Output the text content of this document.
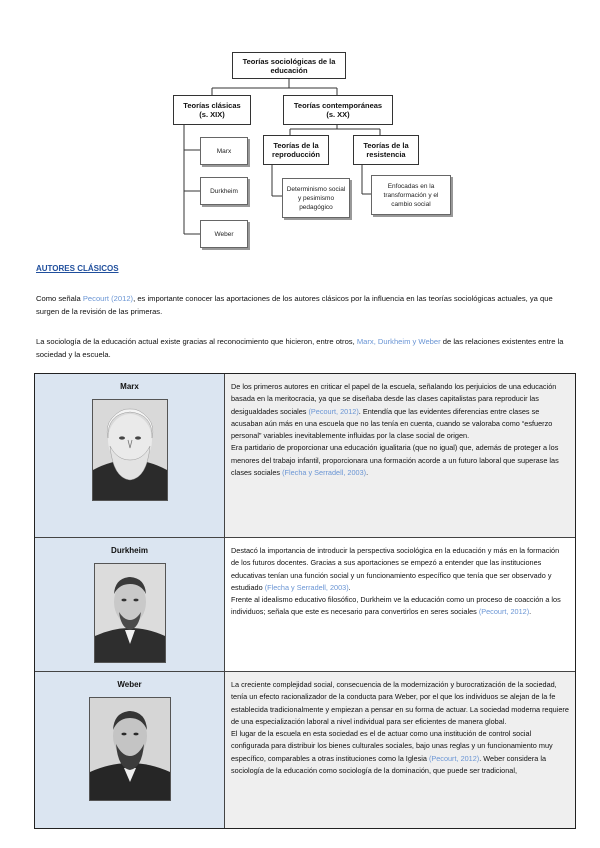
Teorías sociológicas de la
educación
Teorías clásicas
(s. XIX)
Teorías contemporáneas
(s. XX)
Marx
Durkheim
Weber
Teorías de la
reproducción
Teorías de la
resistencia
Determinismo social
y pesimismo
pedagógico
Enfocadas en la
transformación y el
cambio social
AUTORES CLÁSICOS
Como señala Pecourt (2012), es importante conocer las aportaciones de los autores clásicos por la influencia en las teorías sociológicas actuales, ya que surgen de la revisión de las primeras.
La sociología de la educación actual existe gracias al reconocimiento que hicieron, entre otros, Marx, Durkheim y Weber de las relaciones existentes entre la sociedad y la escuela.
Marx	De los primeros autores en criticar el papel de la escuela, señalando los perjuicios de una educación basada en la meritocracia, ya que se diseñaba desde las clases capitalistas para reproducir las desigualdades sociales (Pecourt, 2012). Entendía que las evidentes diferencias entre clases se acusaban aún más en una escuela que no las tenía en cuenta, cuando se valoraba como “esfuerzo personal” variables inevitablemente influidas por la clase social de origen.
Era partidario de proporcionar una educación igualitaria (que no igual) que, además de proteger a los menores del trabajo infantil, proporcionara una formación acorde a un futuro laboral que superase las clases sociales (Flecha y Serradell, 2003).
Durkheim	Destacó la importancia de introducir la perspectiva sociológica en la educación y más en la formación de los futuros docentes. Gracias a sus aportaciones se empezó a entender que las instituciones educativas tenían una función social y un funcionamiento específico que tenía que ser observado y estudiado (Flecha y Serradell, 2003).
Frente al idealismo educativo filosófico, Durkheim ve la educación como un proceso de coacción a los individuos; señala que este es necesario para convertirlos en seres sociales (Pecourt, 2012).
Weber	La creciente complejidad social, consecuencia de la modernización y burocratización de la sociedad, tenía un efecto racionalizador de la conducta para Weber, por el que los individuos se alejan de la fe establecida tradicionalmente y empiezan a pensar en su forma de actuar. La sociedad moderna requiere de una especialización laboral a nivel individual para ser eficientes de manera global.
El lugar de la escuela en esta sociedad es el de actuar como una institución de control social configurada para distribuir los bienes culturales sociales, bajo unas reglas y un funcionamiento muy específico, comparables a otras instituciones como la Iglesia (Pecourt, 2012). Weber considera la sociología de la educación como sociología de la dominación, que puede ser tradicional,
